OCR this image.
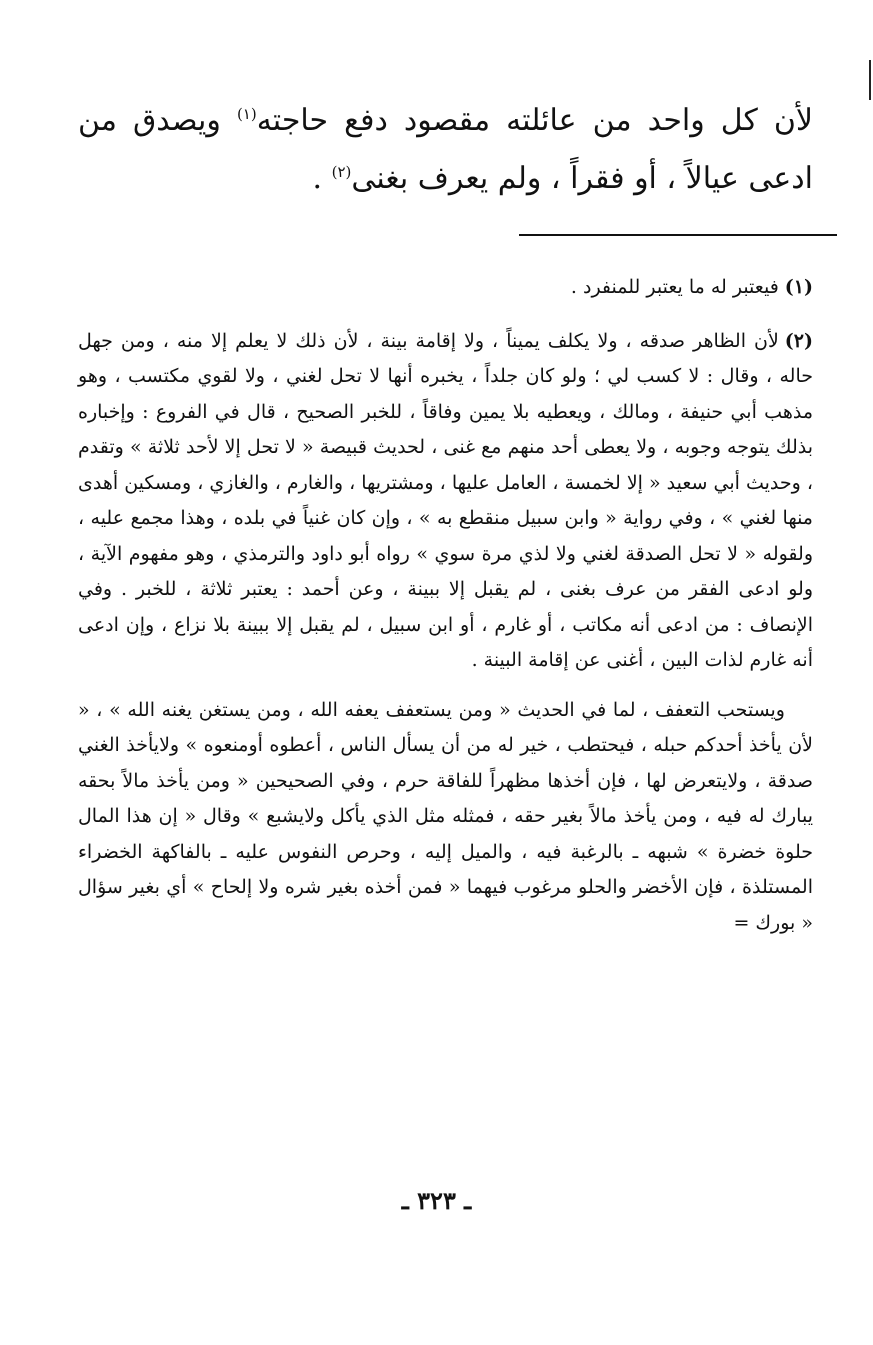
لأن كل واحد من عائلته مقصود دفع حاجته$^{(١)}$ ويصدق من ادعى عيالاً ، أو فقراً ، ولم يعرف بغنى$^{(٢)}$ .

(١)فيعتبر له ما يعتبر للمنفرد .

(٢)لأن الظاهر صدقه ، ولا يكلف يميناً ، ولا إقامة بينة ، لأن ذلك لا يعلم إلا منه ، ومن جهل حاله ، وقال : لا كسب لي ؛ ولو كان جلداً ، يخبره أنها لا تحل لغني ، ولا لقوي مكتسب ، وهو مذهب أبي حنيفة ، ومالك ، ويعطيه بلا يمين وفاقاً ، للخبر الصحيح ، قال في الفروع : وإخباره بذلك يتوجه وجوبه ، ولا يعطى أحد منهم مع غنى ، لحديث قبيصة « لا تحل إلا لأحد ثلاثة » وتقدم ، وحديث أبي سعيد « إلا لخمسة ، العامل عليها ، ومشتريها ، والغارم ، والغازي ، ومسكين أهدى منها لغني » ، وفي رواية « وابن سبيل منقطع به » ، وإن كان غنياً في بلده ، وهذا مجمع عليه ، ولقوله « لا تحل الصدقة لغني ولا لذي مرة سوي » رواه أبو داود والترمذي ، وهو مفهوم الآية ، ولو ادعى الفقر من عرف بغنى ، لم يقبل إلا ببينة ، وعن أحمد : يعتبر ثلاثة ، للخبر . وفي الإنصاف : من ادعى أنه مكاتب ، أو غارم ، أو ابن سبيل ، لم يقبل إلا ببينة بلا نزاع ، وإن ادعى أنه غارم لذات البين ، أغنى عن إقامة البينة .

ويستحب التعفف ، لما في الحديث « ومن يستعفف يعفه الله ، ومن يستغن يغنه الله » ، « لأن يأخذ أحدكم حبله ، فيحتطب ، خير له من أن يسأل الناس ، أعطوه أومنعوه » ولايأخذ الغني صدقة ، ولايتعرض لها ، فإن أخذها مظهراً للفاقة حرم ، وفي الصحيحين « ومن يأخذ مالاً بحقه يبارك له فيه ، ومن يأخذ مالاً بغير حقه ، فمثله مثل الذي يأكل ولايشبع » وقال « إن هذا المال حلوة خضرة » شبهه ـ بالرغبة فيه ، والميل إليه ، وحرص النفوس عليه ـ بالفاكهة الخضراء المستلذة ، فإن الأخضر والحلو مرغوب فيهما « فمن أخذه بغير شره ولا إلحاح » أي بغير سؤال « بورك =

ـ ٣٢٣ ـ
